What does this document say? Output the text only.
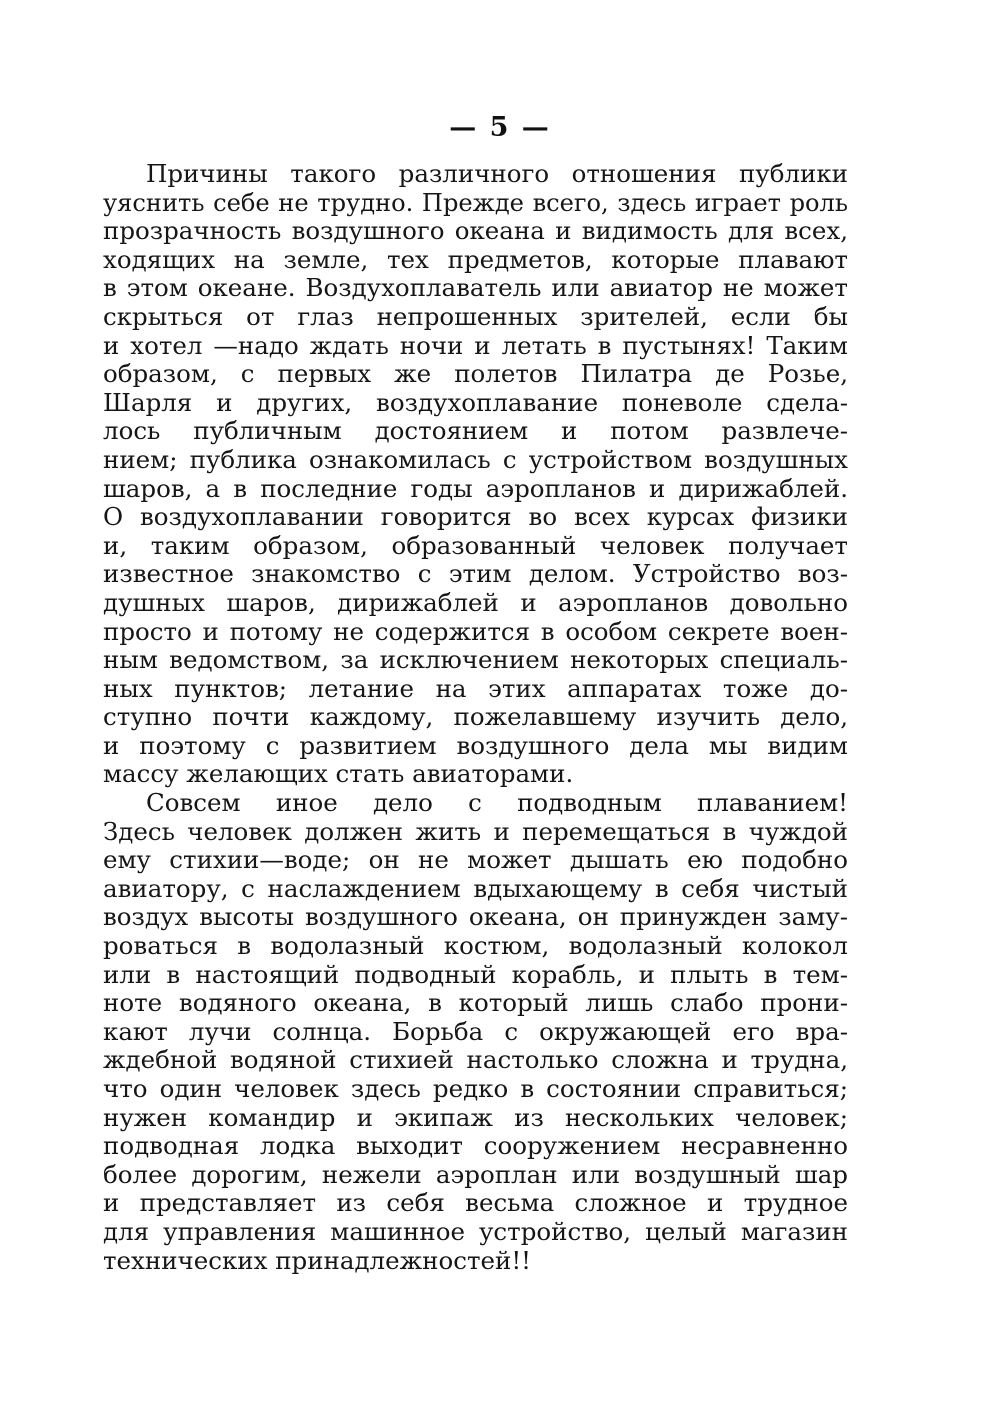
— 5 —
Причины такого различного отношения публики
уяснить себе не трудно. Прежде всего, здесь играет роль
прозрачность воздушного океана и видимость для всех,
ходящих на земле, тех предметов, которые плавают
в этом океане. Воздухоплаватель или авиатор не может
скрыться от глаз непрошенных зрителей, если бы
и хотел —надо ждать ночи и летать в пустынях! Таким
образом, с первых же полетов Пилатра де Розье,
Шарля и других, воздухоплавание поневоле сделa-
лось публичным достоянием и потом развлече-
нием; публика ознакомилась с устройством воздушных
шаров, а в последние годы аэропланов и дирижаблей.
О воздухоплавании говорится во всех курсах физики
и, таким образом, образованный человек получает
известное знакомство с этим делом. Устройство воз-
душных шаров, дирижаблей и аэропланов довольно
просто и потому не содержится в особом секрете воен-
ным ведомством, за исключением некоторых специаль-
ных пунктов; летание на этих аппаратах тоже до-
ступно почти каждому, пожелавшему изучить дело,
и поэтому с развитием воздушного дела мы видим
массу желающих стать авиаторами.
Совсем иное дело с подводным плаванием!
Здесь человек должен жить и перемещаться в чуждой
ему стихии—воде; он не может дышать ею подобно
авиатору, с наслаждением вдыхающему в себя чистый
воздух высоты воздушного океана, он принужден заму-
роваться в водолазный костюм, водолазный колокол
или в настоящий подводный корабль, и плыть в тем-
ноте водяного океана, в который лишь слабо прони-
кают лучи солнца. Борьба с окружающей его вра-
ждебной водяной стихией настолько сложна и трудна,
что один человек здесь редко в состоянии справиться;
нужен командир и экипаж из нескольких человек;
подводная лодка выходит сооружением несравненно
более дорогим, нежели аэроплан или воздушный шар
и представляет из себя весьма сложное и трудное
для управления машинное устройство, целый магазин
технических принадлежностей!!
